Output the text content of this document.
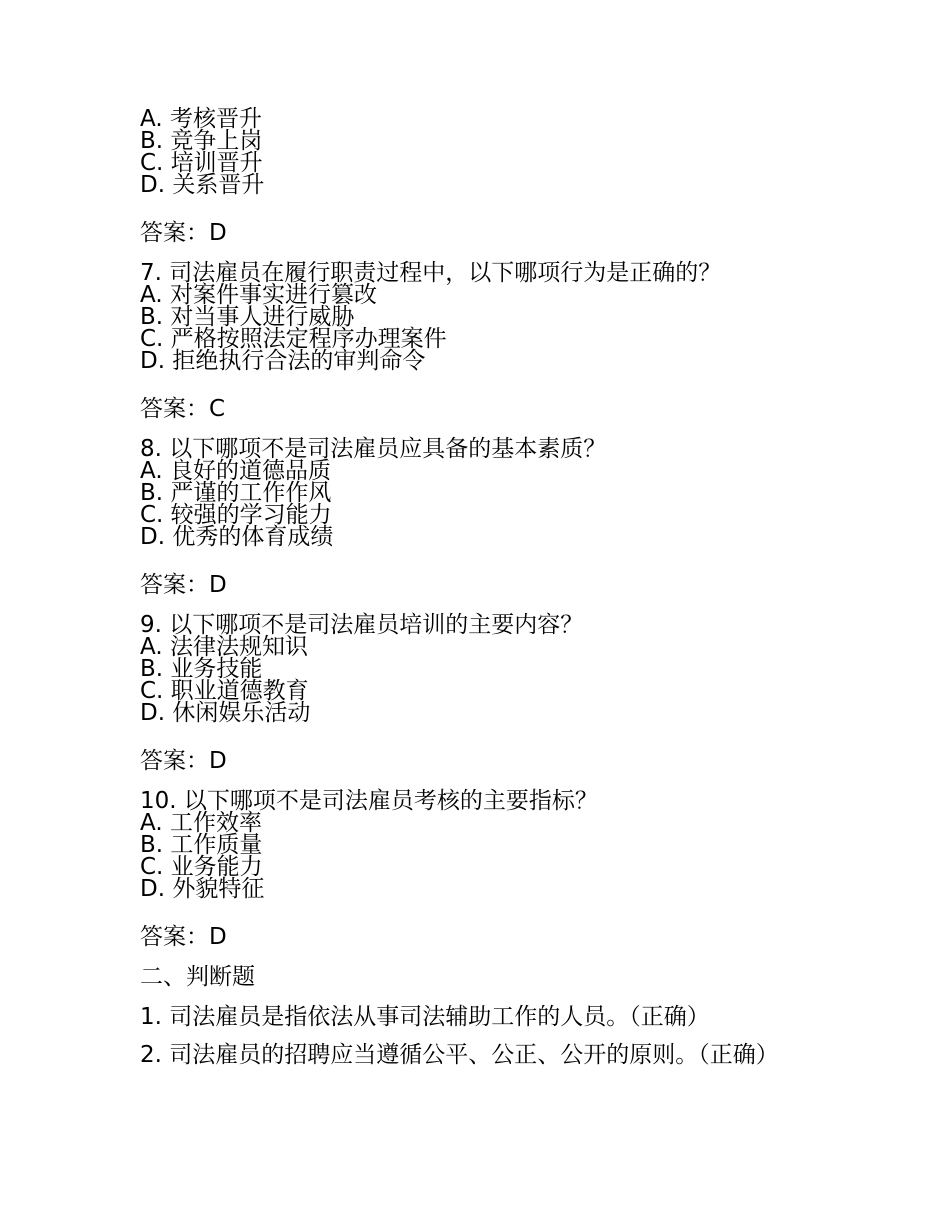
A. 考核晋升
B. 竞争上岗
C. 培训晋升
D. 关系晋升
答案：D
7. 司法雇员在履行职责过程中，以下哪项行为是正确的？
A. 对案件事实进行篡改
B. 对当事人进行威胁
C. 严格按照法定程序办理案件
D. 拒绝执行合法的审判命令
答案：C
8. 以下哪项不是司法雇员应具备的基本素质？
A. 良好的道德品质
B. 严谨的工作作风
C. 较强的学习能力
D. 优秀的体育成绩
答案：D
9. 以下哪项不是司法雇员培训的主要内容？
A. 法律法规知识
B. 业务技能
C. 职业道德教育
D. 休闲娱乐活动
答案：D
10. 以下哪项不是司法雇员考核的主要指标？
A. 工作效率
B. 工作质量
C. 业务能力
D. 外貌特征
答案：D
二、判断题
1. 司法雇员是指依法从事司法辅助工作的人员。（正确）
2. 司法雇员的招聘应当遵循公平、公正、公开的原则。（正确）
